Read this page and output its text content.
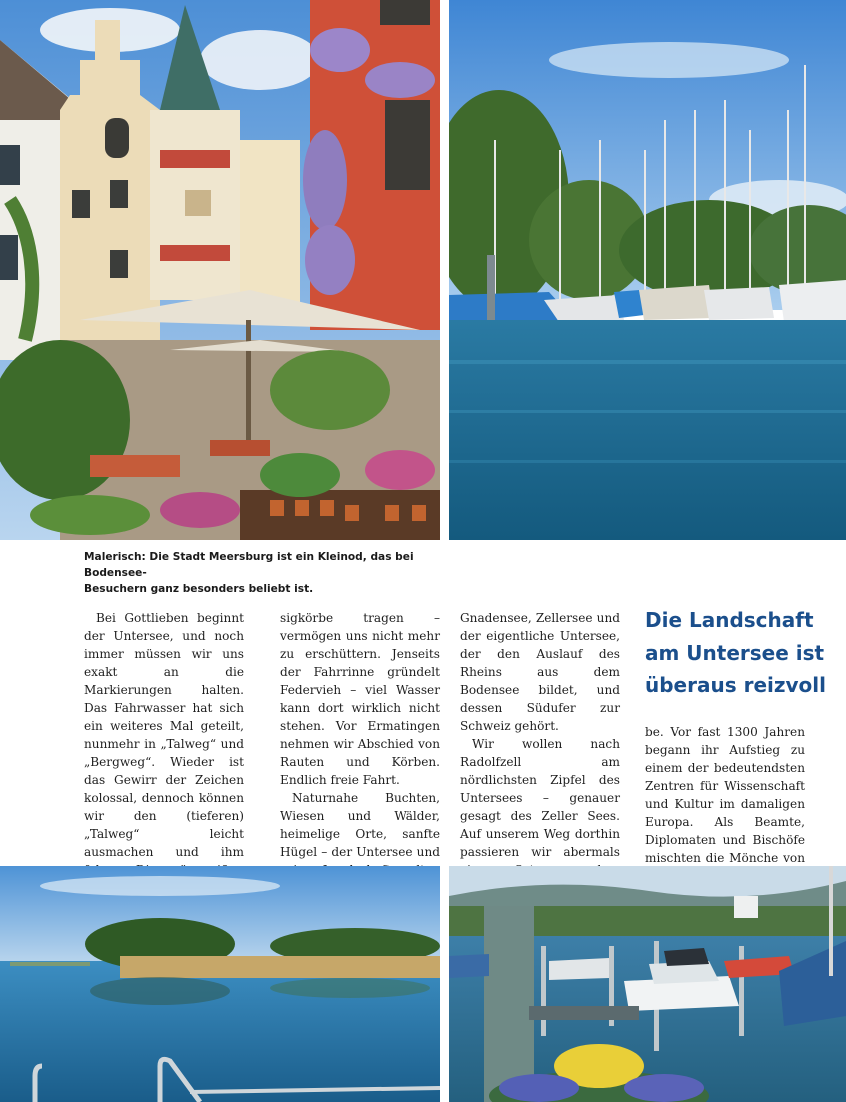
Malerisch: Die Stadt Meersburg ist ein Kleinod, das bei Bodensee-
Besuchern ganz besonders beliebt ist.

Bei Gottlieben beginnt der Untersee, und noch immer müssen wir uns exakt an die Markierungen halten. Das Fahrwasser hat sich ein weiteres Mal geteilt, nunmehr in „Talweg“ und „Bergweg“. Wieder ist das Gewirr der Zeichen kolossal, dennoch können wir den (tieferen) „Talweg“ leicht ausmachen und ihm

sigkörbe tragen – vermögen uns nicht mehr zu erschüttern. Jenseits der Fahrrinne gründelt Federvieh – viel Wasser kann dort wirklich nicht stehen. Vor Ermatingen nehmen wir Abschied von Rauten und Körben. Endlich freie Fahrt.

Naturnahe Buchten, Wiesen und Wälder, heimelige Orte, sanfte Hügel – der Untersee und

Gnadensee, Zellersee und der eigentliche Untersee, der den Auslauf des Rheins aus dem Bodensee bildet, und dessen Südufer zur Schweiz gehört.

Wir wollen nach Radolfzell am nördlichsten Zipfel des Untersees – genauer gesagt des Zeller Sees. Auf unserem Weg dorthin passieren wir abermals

Die Landschaft
am Untersee ist
überaus reizvoll

be. Vor fast 1300 Jahren begann ihr Aufstieg zu einem der bedeutendsten Zentren für Wissenschaft und Kultur im damaligen Europa. Als Beamte, Diplomaten und Bischöfe mischten die Mönche von
